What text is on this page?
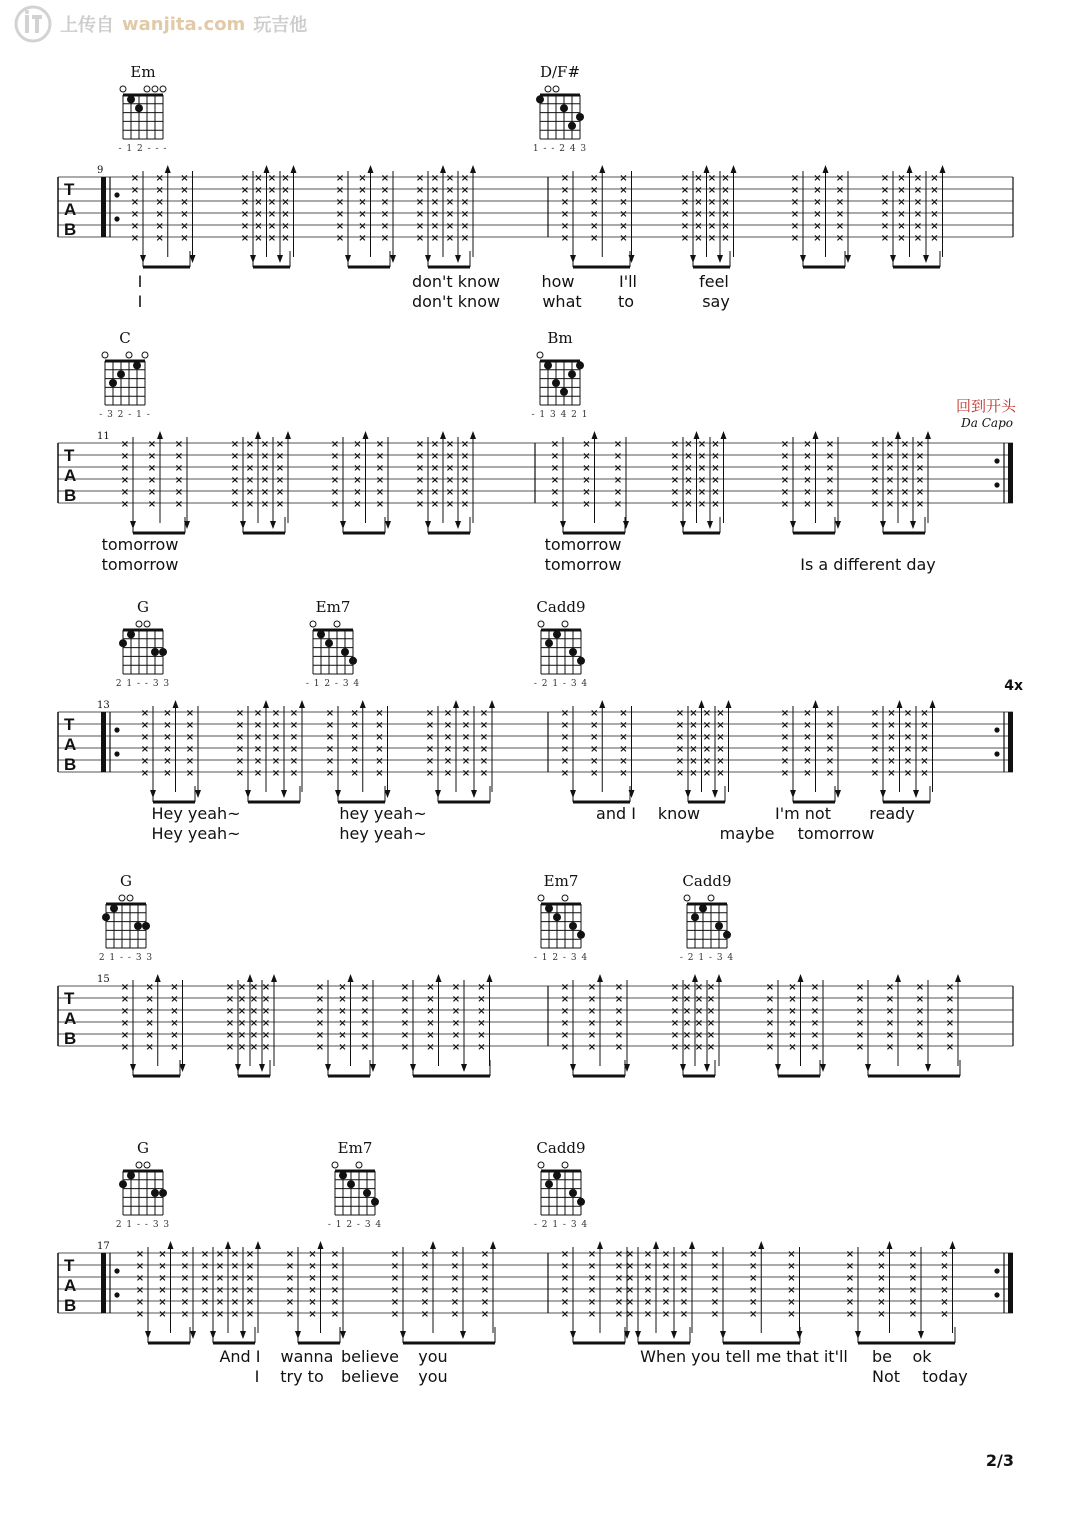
上传自 wanjita.com 玩吉他
Em
- 1 2 - - -
D/F#
1 - - 2 4 3
T
A
B
9
×
×
×
×
×
×
×
×
×
×
×
×
×
×
×
×
×
×
×
×
×
×
×
×
×
×
×
×
×
×
×
×
×
×
×
×
×
×
×
×
×
×
×
×
×
×
×
×
×
×
×
×
×
×
×
×
×
×
×
×
×
×
×
×
×
×
×
×
×
×
×
×
×
×
×
×
×
×
×
×
×
×
×
×
×
×
×
×
×
×
×
×
×
×
×
×
×
×
×
×
×
×
×
×
×
×
×
×
×
×
×
×
×
×
×
×
×
×
×
×
×
×
×
×
×
×
×
×
×
×
×
×
×
×
×
×
×
×
×
×
×
×
×
×
×
×
×
×
×
×
×
×
×
×
×
×
×
×
×
×
×
×
×
×
×
×
×
×
I	don't know	how	I'll	feel
I	don't know	what to	say
C
- 3 2 - 1 -
Bm
- 1 3 4 2 1
T
A
B
11
×
×
×
×
×
×
×
×
×
×
×
×
×
×
×
×
×
×
×
×
×
×
×
×
×
×
×
×
×
×
×
×
×
×
×
×
×
×
×
×
×
×
×
×
×
×
×
×
×
×
×
×
×
×
×
×
×
×
×
×
×
×
×
×
×
×
×
×
×
×
×
×
×
×
×
×
×
×
×
×
×
×
×
×
×
×
×
×
×
×
×
×
×
×
×
×
×
×
×
×
×
×
×
×
×
×
×
×
×
×
×
×
×
×
×
×
×
×
×
×
×
×
×
×
×
×
×
×
×
×
×
×
×
×
×
×
×
×
×
×
×
×
×
×
×
×
×
×
×
×
×
×
×
×
×
×
×
×
×
×
×
×
×
×
×
×
×
×
tomorrow	tomorrow
tomorrow	tomorrow	Is a different day
回到开头
Da Capo
G
2 1 - - 3 3
Em7
- 1 2 - 3 4
Cadd9
- 2 1 - 3 4
T
A
B
13
4x
×
×
×
×
×
×
×
×
×
×
×
×
×
×
×
×
×
×
×
×
×
×
×
×
×
×
×
×
×
×
×
×
×
×
×
×
×
×
×
×
×
×
×
×
×
×
×
×
×
×
×
×
×
×
×
×
×
×
×
×
×
×
×
×
×
×
×
×
×
×
×
×
×
×
×
×
×
×
×
×
×
×
×
×
×
×
×
×
×
×
×
×
×
×
×
×
×
×
×
×
×
×
×
×
×
×
×
×
×
×
×
×
×
×
×
×
×
×
×
×
×
×
×
×
×
×
×
×
×
×
×
×
×
×
×
×
×
×
×
×
×
×
×
×
×
×
×
×
×
×
×
×
×
×
×
×
×
×
×
×
×
×
×
×
×
×
×
×
Hey yeah~	hey yeah~	and I know	I'm not ready
Hey yeah~	hey yeah~	maybe tomorrow
G
2 1 - - 3 3
Em7
- 1 2 - 3 4
Cadd9
- 2 1 - 3 4
T
A
B
15
×
×
×
×
×
×
×
×
×
×
×
×
×
×
×
×
×
×
×
×
×
×
×
×
×
×
×
×
×
×
×
×
×
×
×
×
×
×
×
×
×
×
×
×
×
×
×
×
×
×
×
×
×
×
×
×
×
×
×
×
×
×
×
×
×
×
×
×
×
×
×
×
×
×
×
×
×
×
×
×
×
×
×
×
×
×
×
×
×
×
×
×
×
×
×
×
×
×
×
×
×
×
×
×
×
×
×
×
×
×
×
×
×
×
×
×
×
×
×
×
×
×
×
×
×
×
×
×
×
×
×
×
×
×
×
×
×
×
×
×
×
×
×
×
×
×
×
×
×
×
×
×
×
×
×
×
×
×
×
×
×
×
×
×
×
×
×
×
G
2 1 - - 3 3
Em7
- 1 2 - 3 4
Cadd9
- 2 1 - 3 4
T
A
B
17
×
×
×
×
×
×
×
×
×
×
×
×
×
×
×
×
×
×
×
×
×
×
×
×
×
×
×
×
×
×
×
×
×
×
×
×
×
×
×
×
×
×
×
×
×
×
×
×
×
×
×
×
×
×
×
×
×
×
×
×
×
×
×
×
×
×
×
×
×
×
×
×
×
×
×
×
×
×
×
×
×
×
×
×
×
×
×
×
×
×
×
×
×
×
×
×
×
×
×
×
×
×
×
×
×
×
×
×
×
×
×
×
×
×
×
×
×
×
×
×
×
×
×
×
×
×
×
×
×
×
×
×
×
×
×
×
×
×
×
×
×
×
×
×
×
×
×
×
×
×
×
×
×
×
×
×
×
×
×
×
×
×
×
×
×
×
×
×
And I wanna believe you	When you tell me that it'll be ok
I try to believe you	Not today
2/3
